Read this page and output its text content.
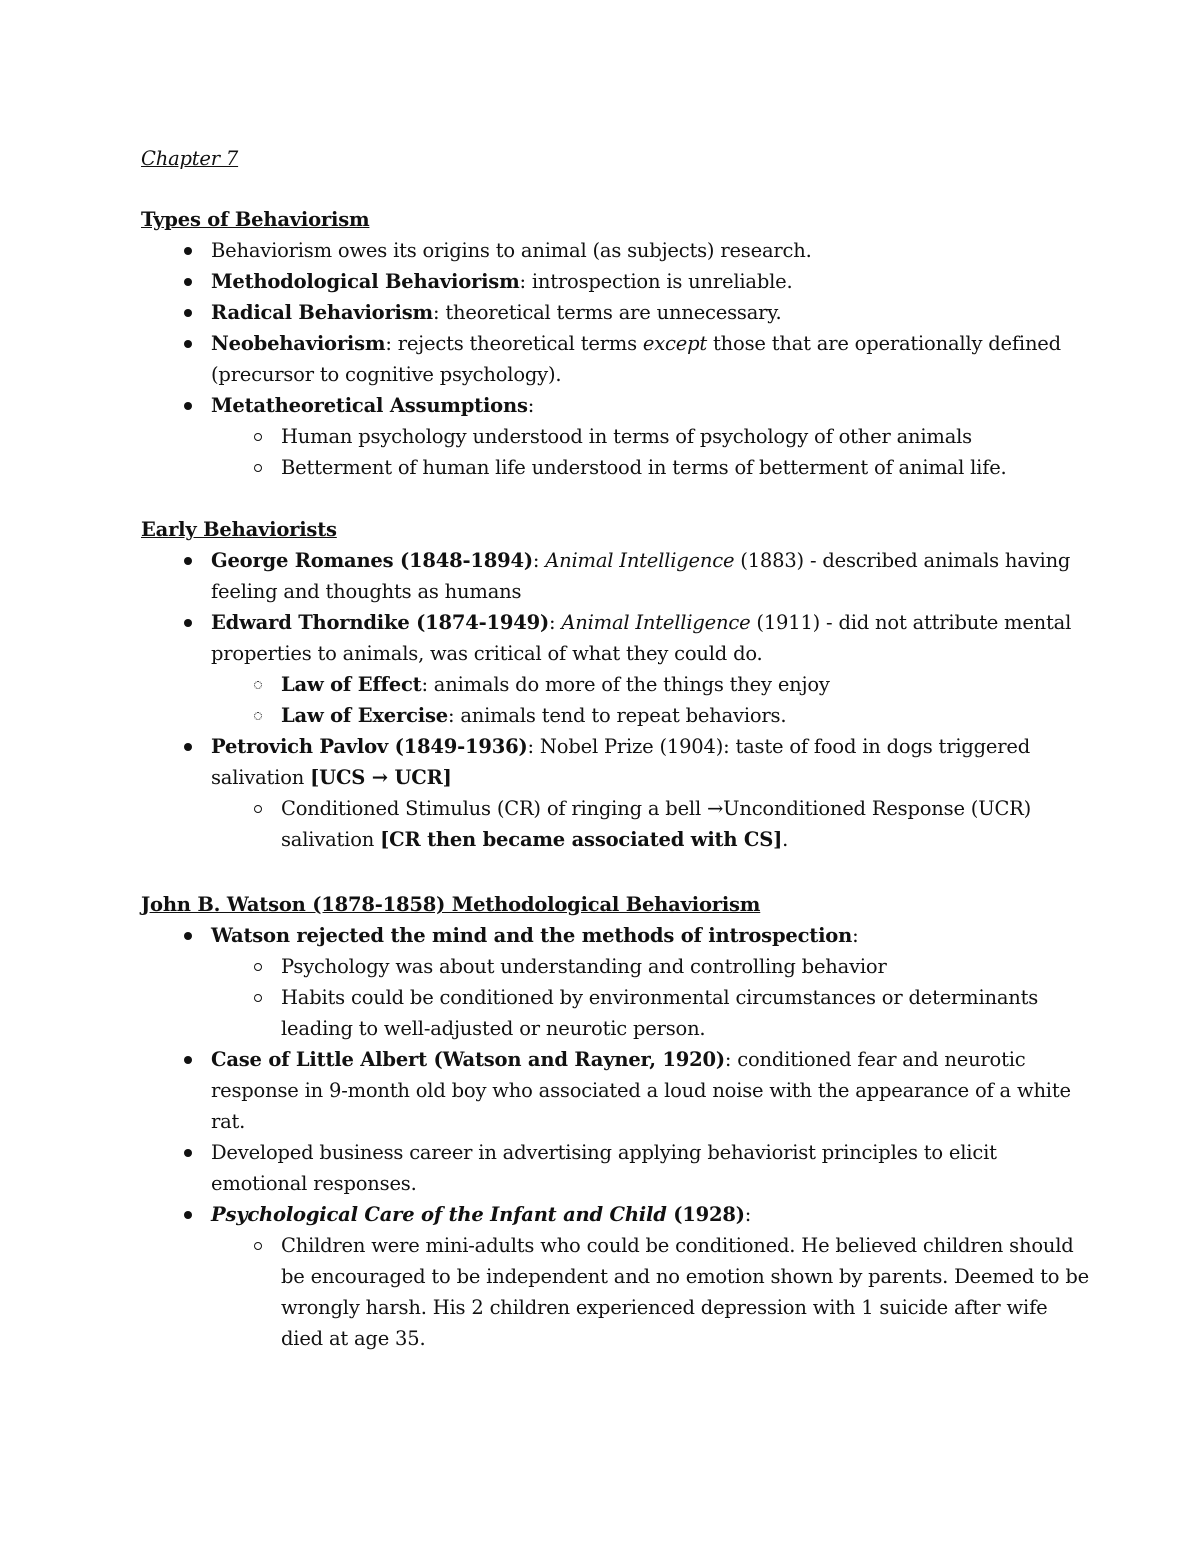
Chapter 7
Types of Behaviorism
Behaviorism owes its origins to animal (as subjects) research.
Methodological Behaviorism: introspection is unreliable.
Radical Behaviorism: theoretical terms are unnecessary.
Neobehaviorism: rejects theoretical terms except those that are operationally defined (precursor to cognitive psychology).
Metatheoretical Assumptions:
Human psychology understood in terms of psychology of other animals
Betterment of human life understood in terms of betterment of animal life.
Early Behaviorists
George Romanes (1848-1894): Animal Intelligence (1883) - described animals having feeling and thoughts as humans
Edward Thorndike (1874-1949): Animal Intelligence (1911) - did not attribute mental properties to animals, was critical of what they could do.
Law of Effect: animals do more of the things they enjoy
Law of Exercise: animals tend to repeat behaviors.
Petrovich Pavlov (1849-1936): Nobel Prize (1904): taste of food in dogs triggered salivation [UCS → UCR]
Conditioned Stimulus (CR) of ringing a bell →Unconditioned Response (UCR) salivation [CR then became associated with CS].
John B. Watson (1878-1858) Methodological Behaviorism
Watson rejected the mind and the methods of introspection:
Psychology was about understanding and controlling behavior
Habits could be conditioned by environmental circumstances or determinants leading to well-adjusted or neurotic person.
Case of Little Albert (Watson and Rayner, 1920): conditioned fear and neurotic response in 9-month old boy who associated a loud noise with the appearance of a white rat.
Developed business career in advertising applying behaviorist principles to elicit emotional responses.
Psychological Care of the Infant and Child (1928):
Children were mini-adults who could be conditioned. He believed children should be encouraged to be independent and no emotion shown by parents. Deemed to be wrongly harsh. His 2 children experienced depression with 1 suicide after wife died at age 35.
